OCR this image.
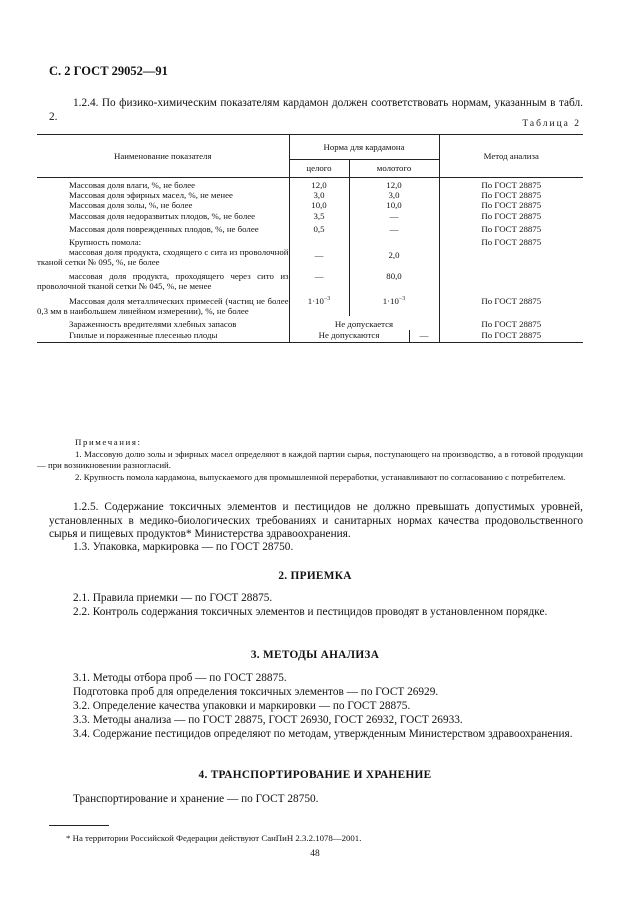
С. 2 ГОСТ 29052—91
1.2.4. По физико-химическим показателям кардамон должен соответствовать нормам, указанным в табл. 2.
Таблица 2
Наименование показателя	Норма для кардамона			Метод анализа
	целого	молотого		
Массовая доля влаги, %, не более	12,0	12,0		По ГОСТ 28875
Массовая доля эфирных масел, %, не менее	3,0	3,0		По ГОСТ 28875
Массовая доля золы, %, не более	10,0	10,0		По ГОСТ 28875
Массовая доля недоразвитых плодов, %, не более	3,5	—		По ГОСТ 28875
Массовая доля поврежденных плодов, %, не более	0,5	—		По ГОСТ 28875
Крупность помола:				По ГОСТ 28875
массовая доля продукта, сходящего с сита из проволочной тканой сетки № 095, %, не более	—	2,0		
массовая доля продукта, проходящего через сито из проволочной тканой сетки № 045, %, не менее	—	80,0		
Массовая доля металлических примесей (частиц не более 0,3 мм в наибольшем линейном измерении), %, не более	$1\cdot 10^{-3}$	$1\cdot 10^{-3}$		По ГОСТ 28875
Зараженность вредителями хлебных запасов	Не допускается			По ГОСТ 28875
Гнилые и пораженные плесенью плоды	Не допускаются		—	По ГОСТ 28875
Примечания:
1. Массовую долю золы и эфирных масел определяют в каждой партии сырья, поступающего на производство, а в готовой продукции — при возникновении разногласий.
2. Крупность помола кардамона, выпускаемого для промышленной переработки, устанавливают по согласованию с потребителем.
1.2.5. Содержание токсичных элементов и пестицидов не должно превышать допустимых уровней, установленных в медико-биологических требованиях и санитарных нормах качества продовольственного сырья и пищевых продуктов* Министерства здравоохранения.
1.3. Упаковка, маркировка — по ГОСТ 28750.
2. ПРИЕМКА
2.1. Правила приемки — по ГОСТ 28875.
2.2. Контроль содержания токсичных элементов и пестицидов проводят в установленном порядке.
3. МЕТОДЫ АНАЛИЗА
3.1. Методы отбора проб — по ГОСТ 28875.
Подготовка проб для определения токсичных элементов — по ГОСТ 26929.
3.2. Определение качества упаковки и маркировки — по ГОСТ 28875.
3.3. Методы анализа — по ГОСТ 28875, ГОСТ 26930, ГОСТ 26932, ГОСТ 26933.
3.4. Содержание пестицидов определяют по методам, утвержденным Министерством здравоохранения.
4. ТРАНСПОРТИРОВАНИЕ И ХРАНЕНИЕ
Транспортирование и хранение — по ГОСТ 28750.
* На территории Российской Федерации действуют СанПиН 2.3.2.1078—2001.
48
